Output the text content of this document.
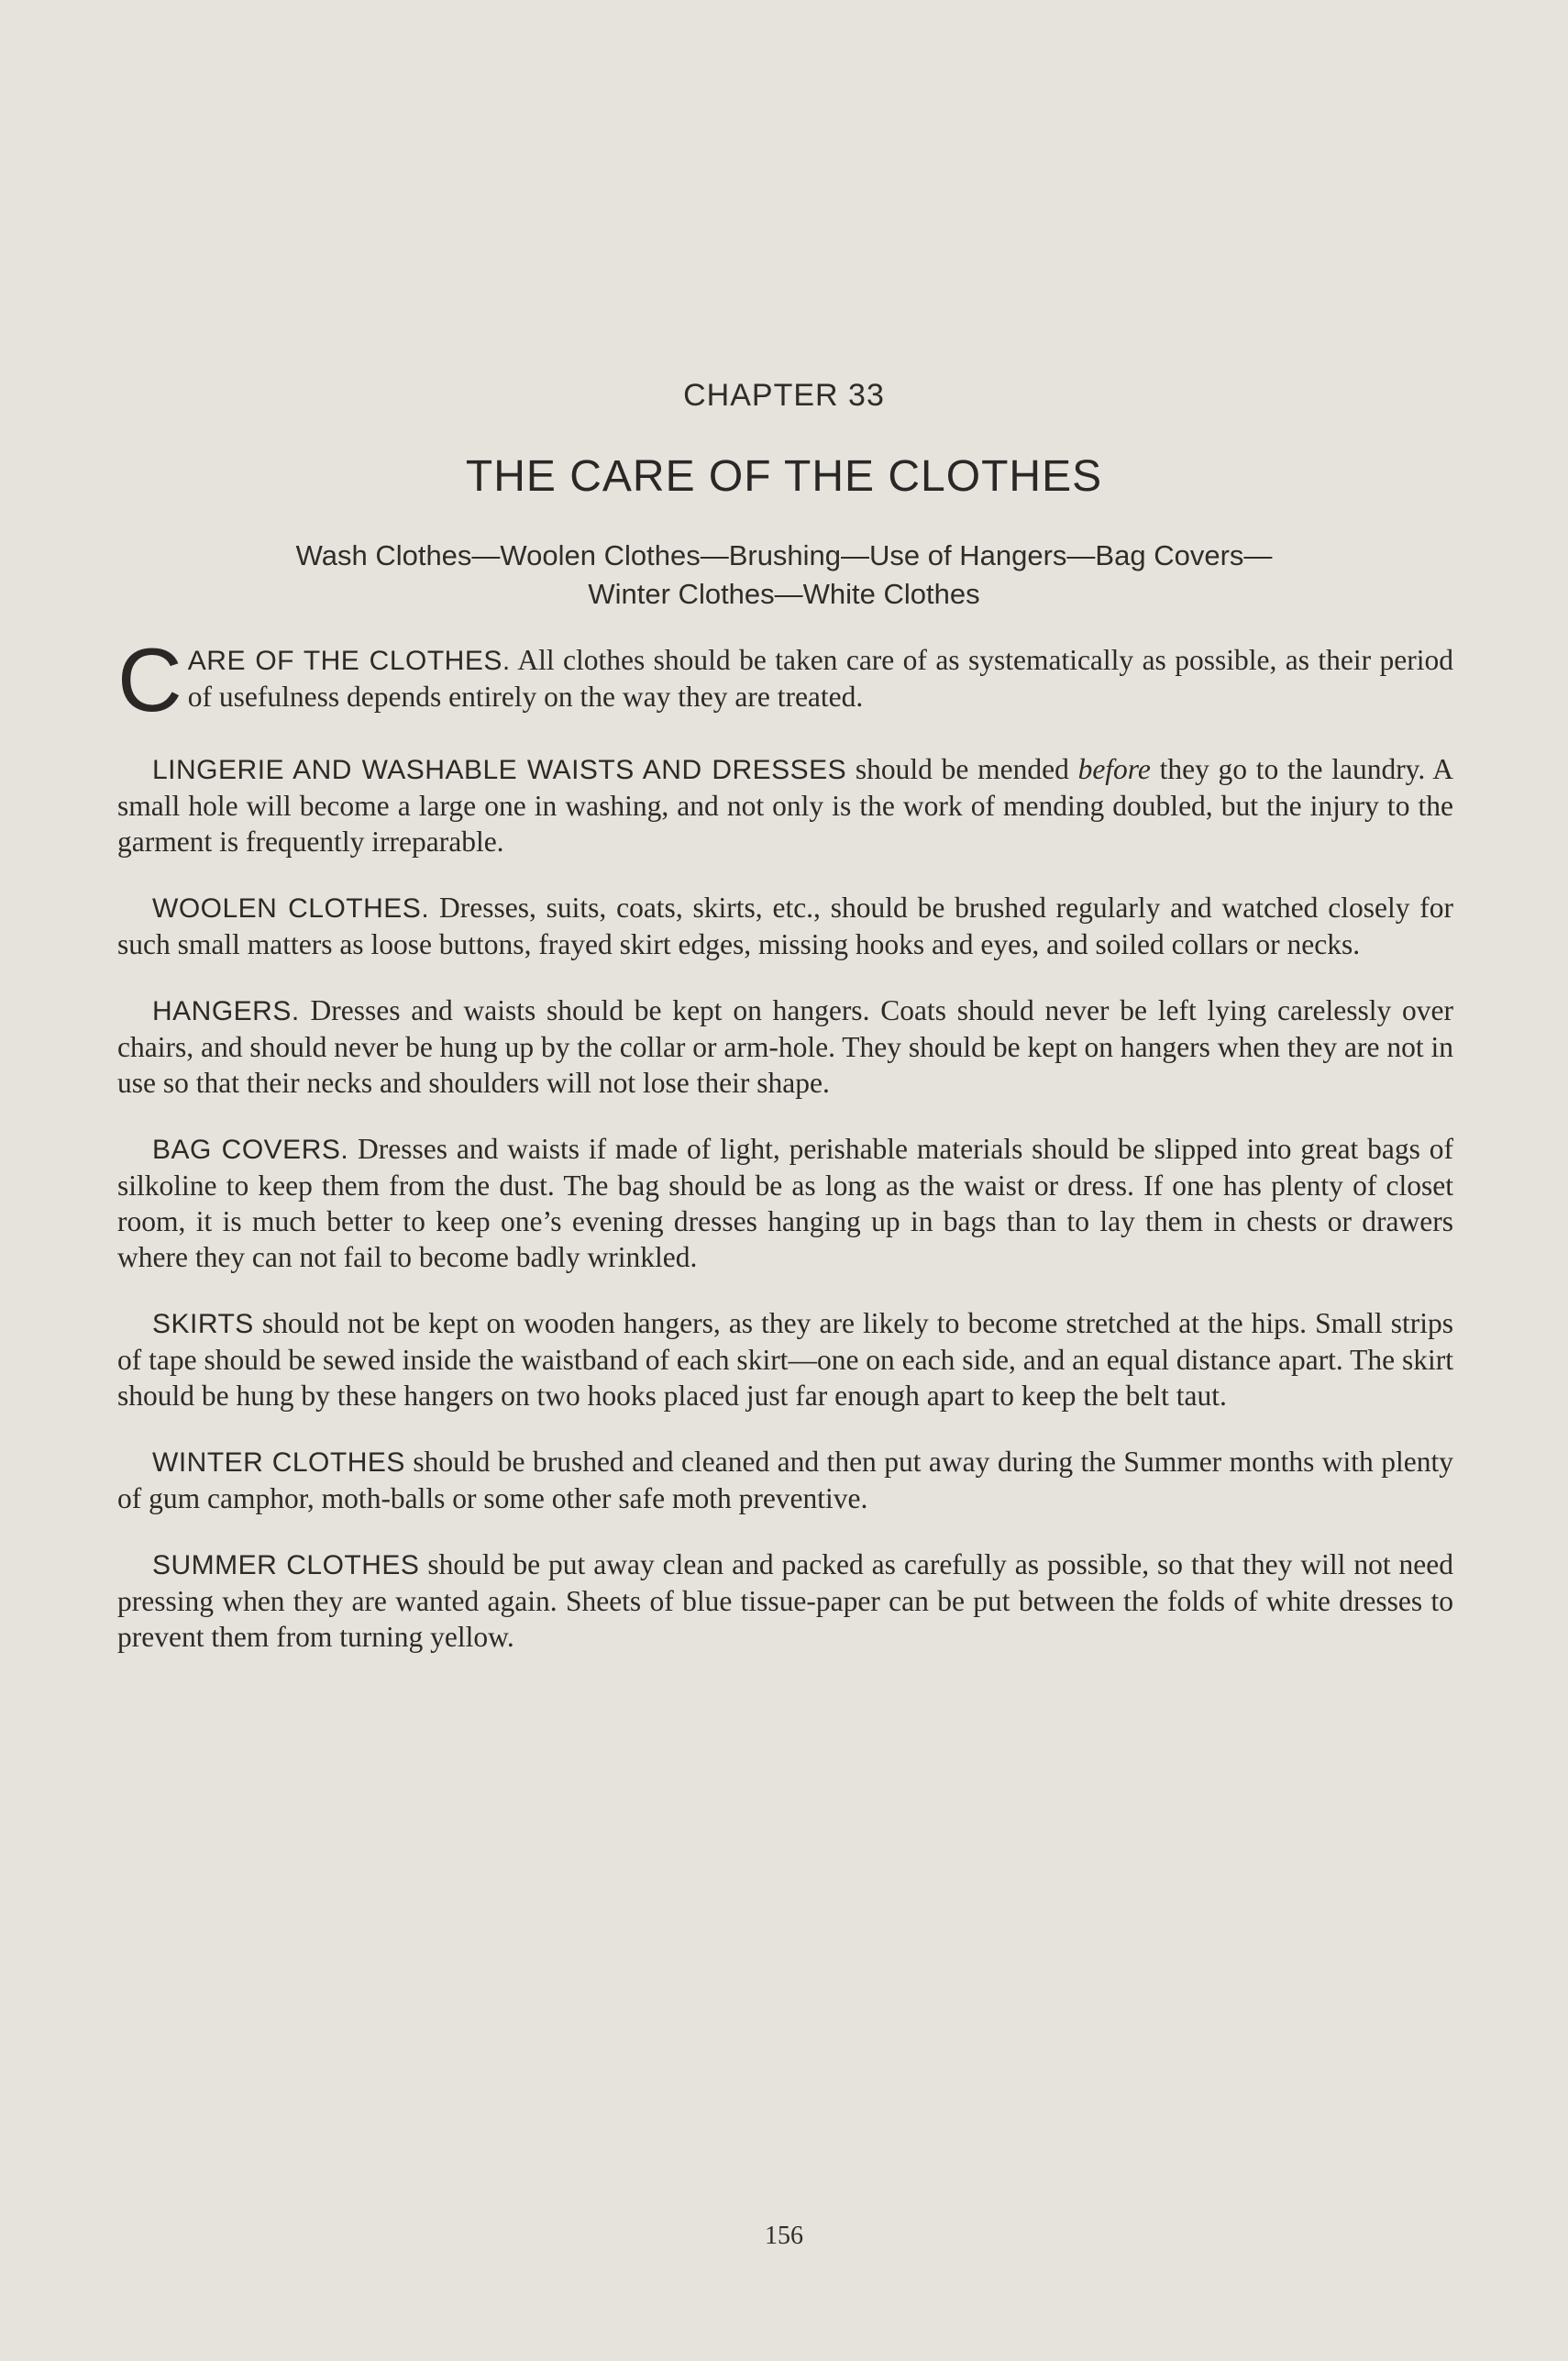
CHAPTER 33
THE CARE OF THE CLOTHES
Wash Clothes—Woolen Clothes—Brushing—Use of Hangers—Bag Covers—
Winter Clothes—White Clothes

CARE OF THE CLOTHES. All clothes should be taken care of as systematically as possible, as their period of usefulness depends entirely on the way they are treated.

LINGERIE AND WASHABLE WAISTS AND DRESSES should be mended before they go to the laundry. A small hole will become a large one in washing, and not only is the work of mending doubled, but the injury to the garment is frequently irreparable.

WOOLEN CLOTHES. Dresses, suits, coats, skirts, etc., should be brushed regularly and watched closely for such small matters as loose buttons, frayed skirt edges, missing hooks and eyes, and soiled collars or necks.

HANGERS. Dresses and waists should be kept on hangers. Coats should never be left lying carelessly over chairs, and should never be hung up by the collar or arm-hole. They should be kept on hangers when they are not in use so that their necks and shoulders will not lose their shape.

BAG COVERS. Dresses and waists if made of light, perishable materials should be slipped into great bags of silkoline to keep them from the dust. The bag should be as long as the waist or dress. If one has plenty of closet room, it is much better to keep one’s evening dresses hanging up in bags than to lay them in chests or drawers where they can not fail to become badly wrinkled.

SKIRTS should not be kept on wooden hangers, as they are likely to become stretched at the hips. Small strips of tape should be sewed inside the waistband of each skirt—one on each side, and an equal distance apart. The skirt should be hung by these hangers on two hooks placed just far enough apart to keep the belt taut.

WINTER CLOTHES should be brushed and cleaned and then put away during the Summer months with plenty of gum camphor, moth-balls or some other safe moth preventive.

SUMMER CLOTHES should be put away clean and packed as carefully as possible, so that they will not need pressing when they are wanted again. Sheets of blue tissue-paper can be put between the folds of white dresses to prevent them from turning yellow.

156
